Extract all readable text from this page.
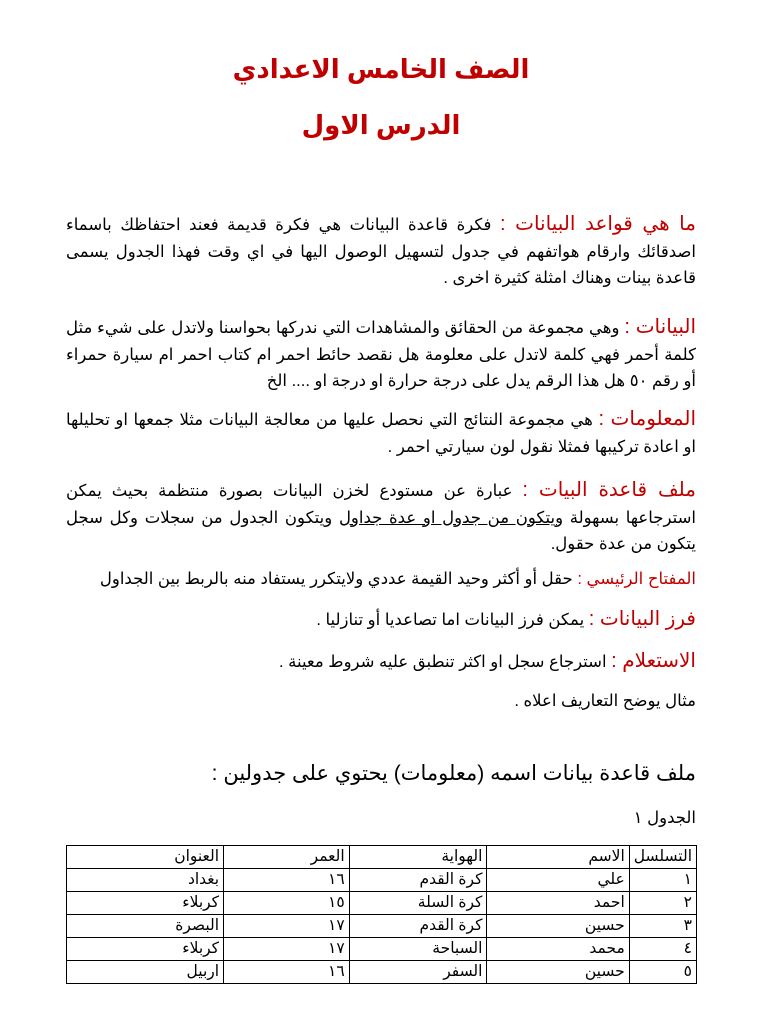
الصف الخامس الاعدادي
الدرس الاول

ما هي قواعد البيانات : فكرة قاعدة البيانات هي فكرة قديمة فعند احتفاظك باسماء اصدقائك وارقام هواتفهم في جدول لتسهيل الوصول اليها في اي وقت فهذا الجدول يسمى قاعدة بينات وهناك امثلة كثيرة اخرى .

البيانات : وهي مجموعة من الحقائق والمشاهدات التي ندركها بحواسنا ولاتدل على شيء مثل كلمة أحمر فهي كلمة لاتدل على معلومة هل نقصد حائط احمر ام كتاب احمر ام سيارة حمراء أو رقم ٥٠ هل هذا الرقم يدل على درجة حرارة او درجة او .... الخ

المعلومات : هي مجموعة النتائج التي نحصل عليها من معالجة البيانات مثلا جمعها او تحليلها او اعادة تركيبها فمثلا نقول لون سيارتي احمر .

ملف قاعدة البيات : عبارة عن مستودع لخزن البيانات بصورة منتظمة بحيث يمكن استرجاعها بسهولة ويتكون من جدول او عدة جداول ويتكون الجدول من سجلات وكل سجل يتكون من عدة حقول.

المفتاح الرئيسي : حقل أو أكثر وحيد القيمة عددي ولايتكرر يستفاد منه بالربط بين الجداول

فرز البيانات : يمكن فرز البيانات اما تصاعديا أو تنازليا .

الاستعلام : استرجاع سجل او اكثر تنطبق عليه شروط معينة .

مثال يوضح التعاريف اعلاه .

ملف قاعدة بيانات اسمه (معلومات) يحتوي على جدولين :

الجدول ١

التسلسل	الاسم	الهواية	العمر	العنوان
١	علي	كرة القدم	١٦	بغداد
٢	احمد	كرة السلة	١٥	كربلاء
٣	حسين	كرة القدم	١٧	البصرة
٤	محمد	السباحة	١٧	كربلاء
٥	حسين	السفر	١٦	اربيل
